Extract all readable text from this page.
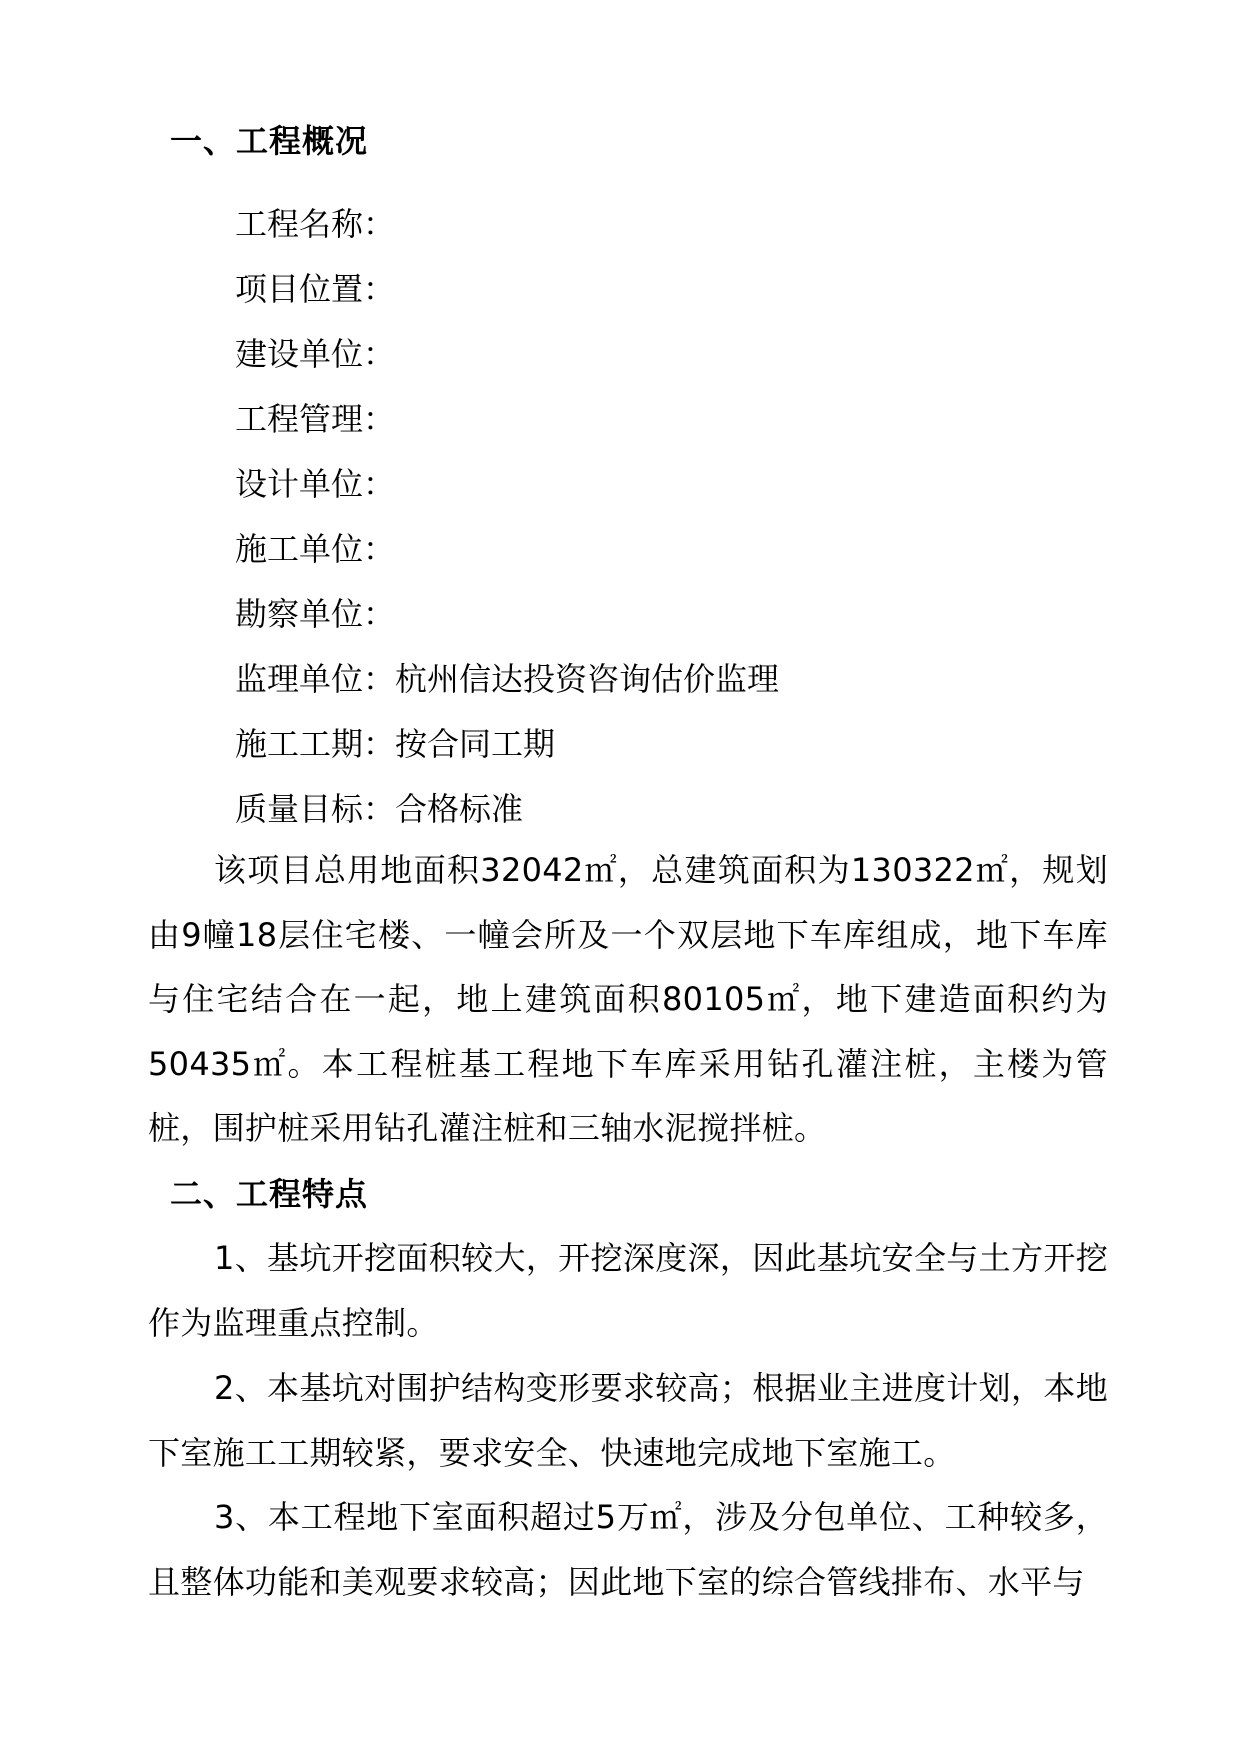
一、工程概况
工程名称：
项目位置：
建设单位：
工程管理：
设计单位：
施工单位：
勘察单位：
监理单位：杭州信达投资咨询估价监理
施工工期：按合同工期
质量目标：合格标准

该项目总用地面积32042㎡，总建筑面积为130322㎡，规划由9幢18层住宅楼、一幢会所及一个双层地下车库组成，地下车库与住宅结合在一起，地上建筑面积80105㎡，地下建造面积约为50435㎡。本工程桩基工程地下车库采用钻孔灌注桩，主楼为管桩，围护桩采用钻孔灌注桩和三轴水泥搅拌桩。

二、工程特点

1、基坑开挖面积较大，开挖深度深，因此基坑安全与土方开挖作为监理重点控制。

2、本基坑对围护结构变形要求较高；根据业主进度计划，本地下室施工工期较紧，要求安全、快速地完成地下室施工。

3、本工程地下室面积超过5万㎡，涉及分包单位、工种较多，且整体功能和美观要求较高；因此地下室的综合管线排布、水平与
